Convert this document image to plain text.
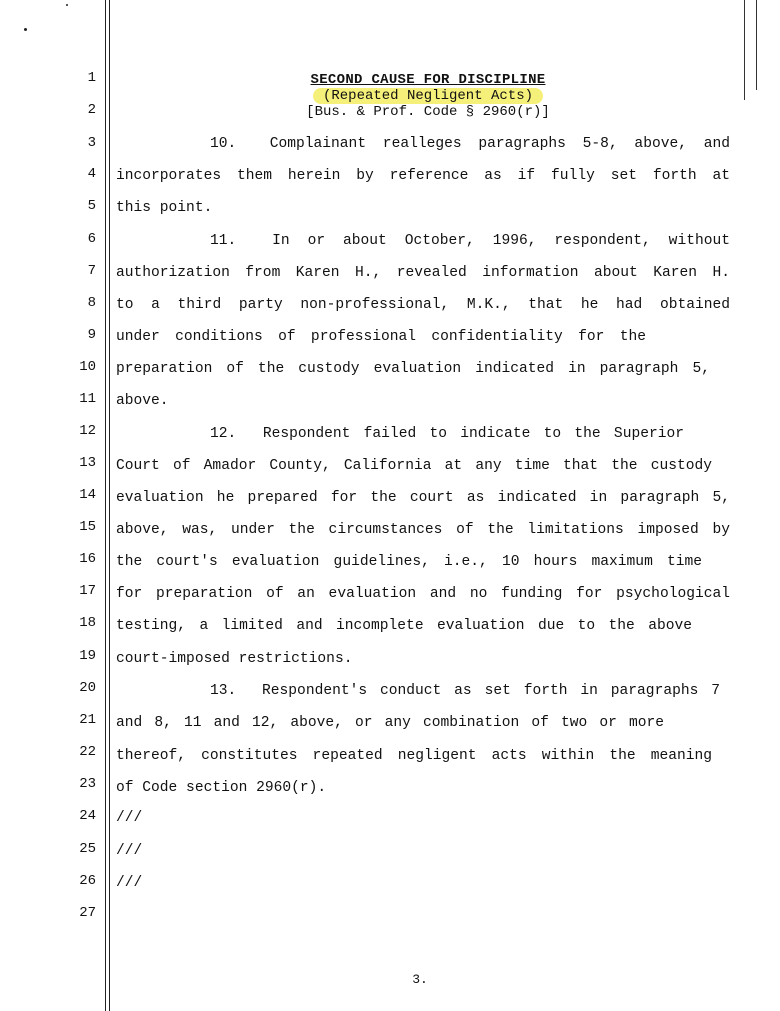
SECOND CAUSE FOR DISCIPLINE
(Repeated Negligent Acts)
[Bus. & Prof. Code § 2960(r)]
1
2
3
4
5
6
7
8
9
10
11
12
13
14
15
16
17
18
19
20
21
22
23
24
25
26
27
10.  Complainant realleges paragraphs 5-8, above, and
incorporates them herein by reference as if fully set forth at
this point.
11.  In or about October, 1996, respondent, without
authorization from Karen H., revealed information about Karen H.
to a third party non-professional, M.K., that he had obtained
under conditions of professional confidentiality for the
preparation of the custody evaluation indicated in paragraph 5,
above.
12.  Respondent failed to indicate to the Superior
Court of Amador County, California at any time that the custody
evaluation he prepared for the court as indicated in paragraph 5,
above, was, under the circumstances of the limitations imposed by
the court's evaluation guidelines, i.e., 10 hours maximum time
for preparation of an evaluation and no funding for psychological
testing, a limited and incomplete evaluation due to the above
court-imposed restrictions.
13.  Respondent's conduct as set forth in paragraphs 7
and 8, 11 and 12, above, or any combination of two or more
thereof, constitutes repeated negligent acts within the meaning
of Code section 2960(r).
///
///
///
3.
